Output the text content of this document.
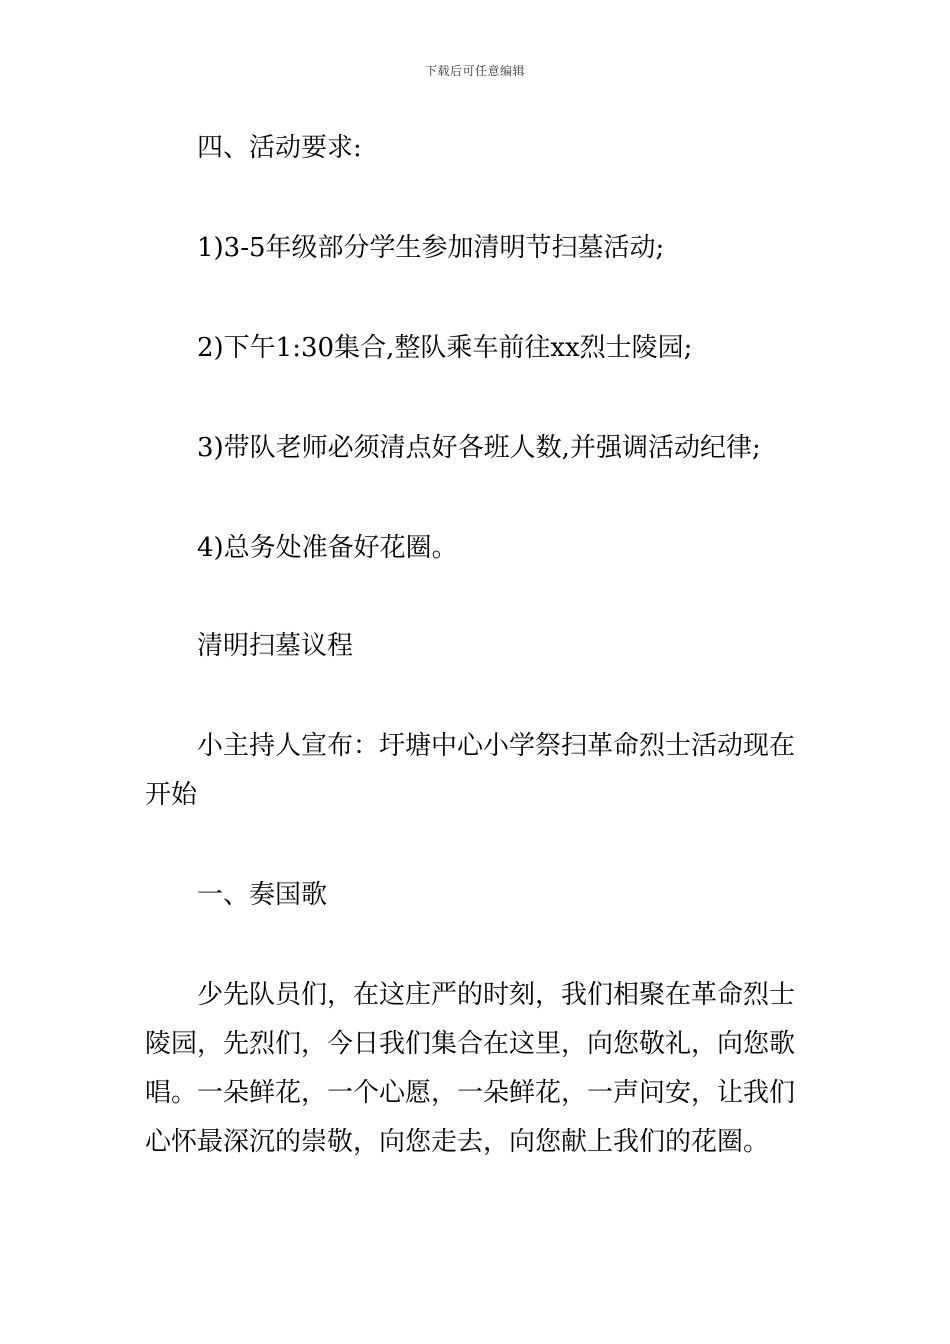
下载后可任意编辑

四、活动要求:

1)3-5年级部分学生参加清明节扫墓活动;

2)下午1:30集合,整队乘车前往xx烈士陵园;

3)带队老师必须清点好各班人数,并强调活动纪律;

4)总务处准备好花圈。

清明扫墓议程

小主持人宣布：圩塘中心小学祭扫革命烈士活动现在开始

一、奏国歌

少先队员们，在这庄严的时刻，我们相聚在革命烈士陵园，先烈们，今日我们集合在这里，向您敬礼，向您歌唱。一朵鲜花，一个心愿，一朵鲜花，一声问安，让我们心怀最深沉的崇敬，向您走去，向您献上我们的花圈。
